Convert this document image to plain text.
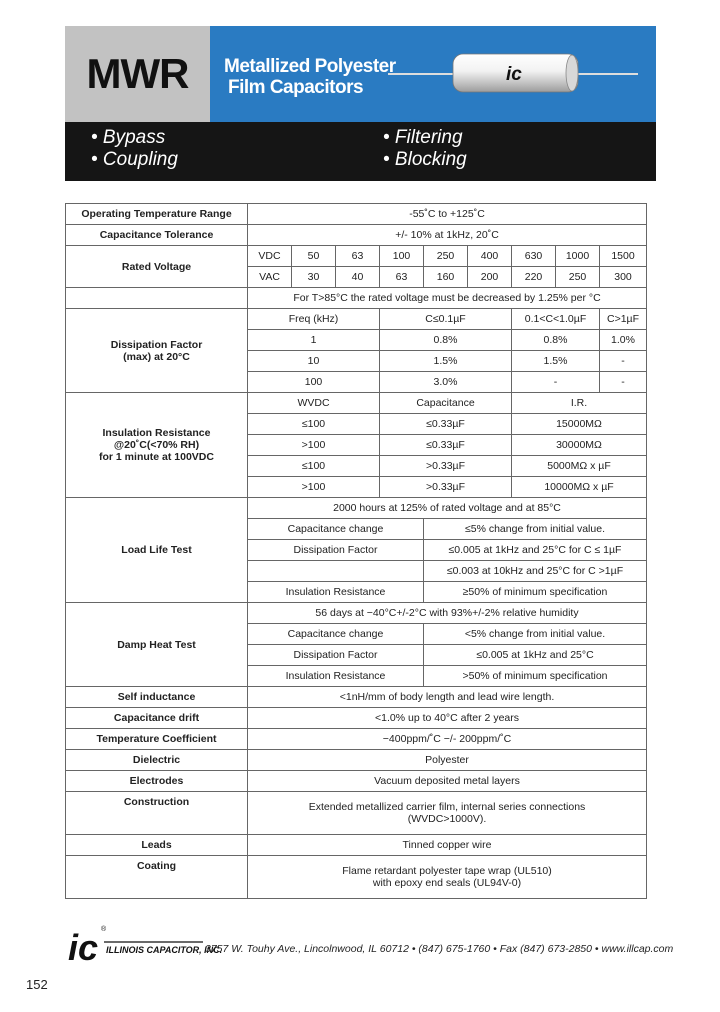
MWR Metallized Polyester
Film Capacitors
ic
• Bypass
• Coupling
• Filtering
• Blocking
Operating Temperature Range	-55˚C to +125˚C								
Capacitance Tolerance	+/- 10% at 1kHz, 20˚C								
Rated Voltage	VDC	50	63	100	250	400	630	1000	1500
	VAC	30	40	63	160	200	220	250	300
	For T>85°C the rated voltage must be decreased by 1.25% per °C								

Dissipation Factor
(max) at 20°C	Freq (kHz)			C≤0.1µF			0.1<C<1.0µF		C>1µF
	1			0.8%			0.8%		1.0%
	10			1.5%			1.5%		-
	100			3.0%			-		-

Insulation Resistance
@20˚C(<70% RH)
for 1 minute at 100VDC	WVDC			Capacitance			I.R.		
	≤100			≤0.33µF			15000MΩ		
	>100			≤0.33µF			30000MΩ		
	≤100			>0.33µF			5000MΩ x µF		
	>100			>0.33µF			10000MΩ x µF		
Load Life Test	2000 hours at 125% of rated voltage and at 85°C								
	Capacitance change				≤5% change from initial value.				
	Dissipation Factor				≤0.005 at 1kHz and 25°C for C ≤ 1µF				
					≤0.003 at 10kHz and 25°C for C >1µF				
	Insulation Resistance				≥50% of minimum specification				
Damp Heat Test	56 days at −40°C+/-2°C with 93%+/-2% relative humidity								
	Capacitance change				<5% change from initial value.				
	Dissipation Factor				≤0.005 at 1kHz and 25°C				
	Insulation Resistance				>50% of minimum specification				
Self inductance	<1nH/mm of body length and lead wire length.								
Capacitance drift	<1.0% up to 40°C after 2 years								
Temperature Coefficient	−400ppm/˚C −/- 200ppm/˚C								
Dielectric	Polyester								
Electrodes	Vacuum deposited metal layers								
Construction	Extended metallized carrier film, internal series connections
(WVDC>1000V).								

Leads	Tinned copper wire								
Coating	Flame retardant polyester tape wrap (UL510)
with epoxy end seals (UL94V-0)								
ic ®
ILLINOIS CAPACITOR, INC.
3757 W. Touhy Ave., Lincolnwood, IL 60712 • (847) 675-1760 • Fax (847) 673-2850 • www.illcap.com
152
